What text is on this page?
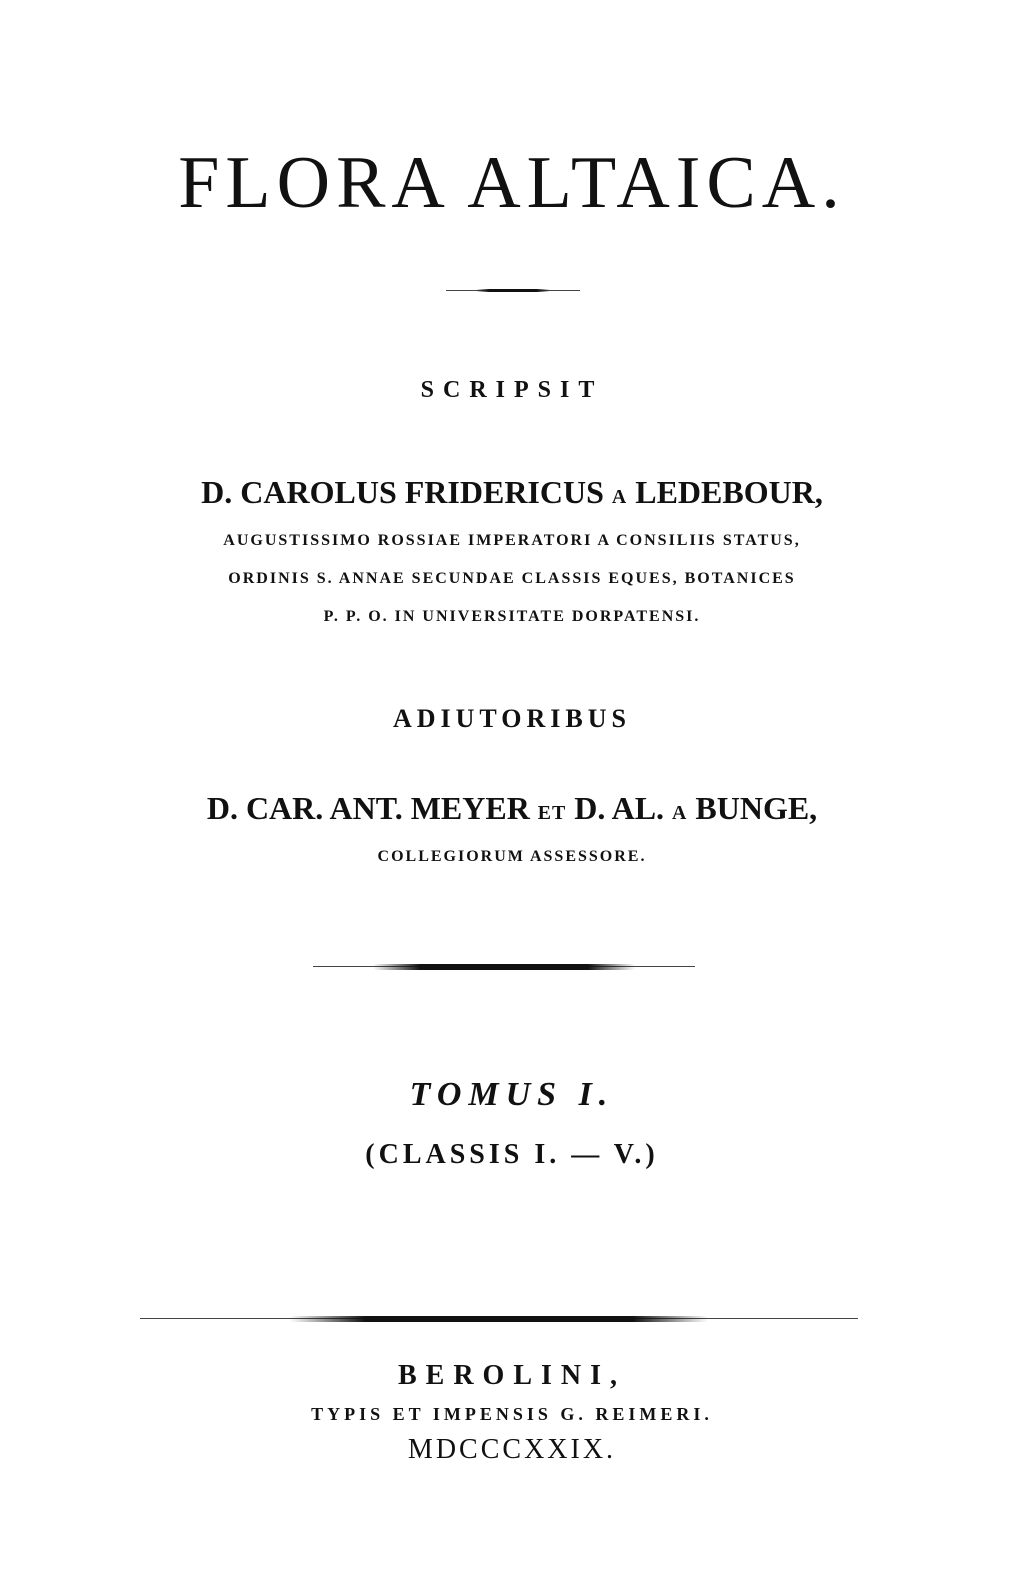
FLORA ALTAICA.
SCRIPSIT
D. CAROLUS FRIDERICUS A LEDEBOUR,
AUGUSTISSIMO ROSSIAE IMPERATORI A CONSILIIS STATUS,
ORDINIS S. ANNAE SECUNDAE CLASSIS EQUES, BOTANICES
P. P. O. IN UNIVERSITATE DORPATENSI.
ADIUTORIBUS
D. CAR. ANT. MEYER ET D. AL. A BUNGE,
COLLEGIORUM ASSESSORE.
TOMUS I.
(CLASSIS I. — V.)
BEROLINI,
TYPIS ET IMPENSIS G. REIMERI.
MDCCCXXIX.
